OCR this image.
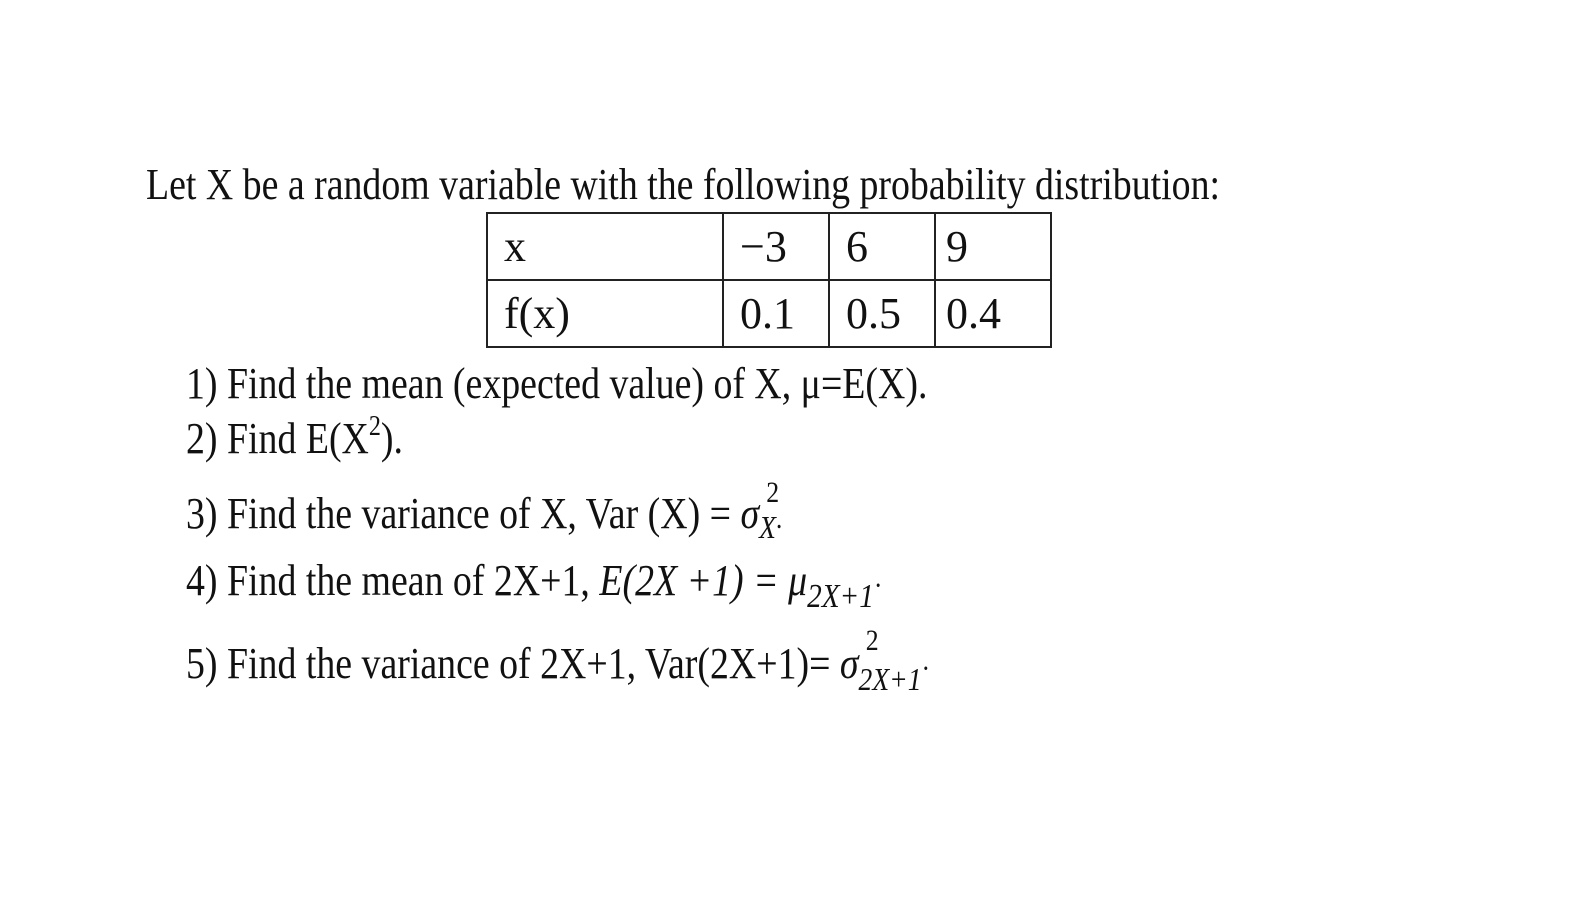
Let X be a random variable with the following probability distribution:
x	−3	6	9
f(x)	0.1	0.5	0.4
1) Find the mean (expected value) of X, μ=E(X).
2) Find $E(X^2)$.
3) Find the variance of X, Var (X) = σ 2
$_X$.
4) Find the mean of 2X+1, $E(2X +1) = \mu_{2X+1}\cdot$
5) Find the variance of 2X+1, Var(2X+1)= σ 2
$_{2X+1}$·
